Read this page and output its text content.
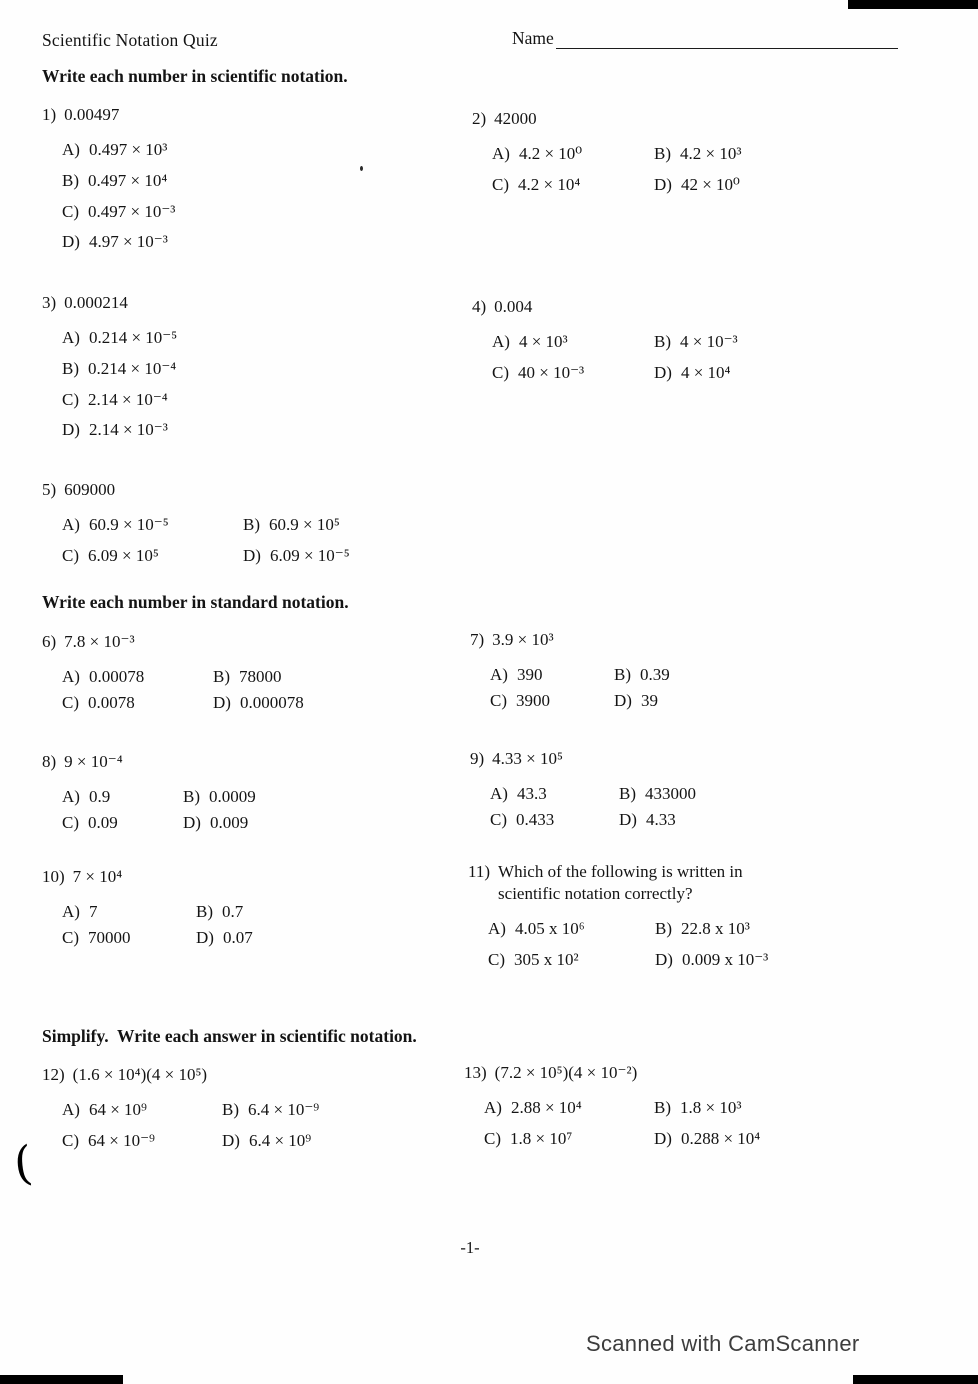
(
Scientific Notation Quiz	Name
Write each number in scientific notation.
1) 0.00497
A) 0.497 × 10³
B) 0.497 × 10⁴
C) 0.497 × 10⁻³
D) 4.97 × 10⁻³
2) 42000
A) 4.2 × 10⁰	B) 4.2 × 10³
C) 4.2 × 10⁴	D) 42 × 10⁰
3) 0.000214
A) 0.214 × 10⁻⁵
B) 0.214 × 10⁻⁴
C) 2.14 × 10⁻⁴
D) 2.14 × 10⁻³
4) 0.004
A) 4 × 10³	B) 4 × 10⁻³
C) 40 × 10⁻³	D) 4 × 10⁴
5) 609000
A) 60.9 × 10⁻⁵	B) 60.9 × 10⁵
C) 6.09 × 10⁵	D) 6.09 × 10⁻⁵
Write each number in standard notation.
6) 7.8 × 10⁻³
A) 0.00078	B) 78000
C) 0.0078	D) 0.000078
7) 3.9 × 10³
A) 390	B) 0.39
C) 3900	D) 39
8) 9 × 10⁻⁴
A) 0.9	B) 0.0009
C) 0.09	D) 0.009
9) 4.33 × 10⁵
A) 43.3	B) 433000
C) 0.433	D) 4.33
10) 7 × 10⁴
A) 7	B) 0.7
C) 70000	D) 0.07
11) Which of the following is written in scientific notation correctly?
A) 4.05 x 10⁶	B) 22.8 x 10³
C) 305 x 10²	D) 0.009 x 10⁻³
Simplify.  Write each answer in scientific notation.
12) (1.6 × 10⁴)(4 × 10⁵)
A) 64 × 10⁹	B) 6.4 × 10⁻⁹
C) 64 × 10⁻⁹	D) 6.4 × 10⁹
13) (7.2 × 10⁵)(4 × 10⁻²)
A) 2.88 × 10⁴	B) 1.8 × 10³
C) 1.8 × 10⁷	D) 0.288 × 10⁴
-1-
Scanned with CamScanner
